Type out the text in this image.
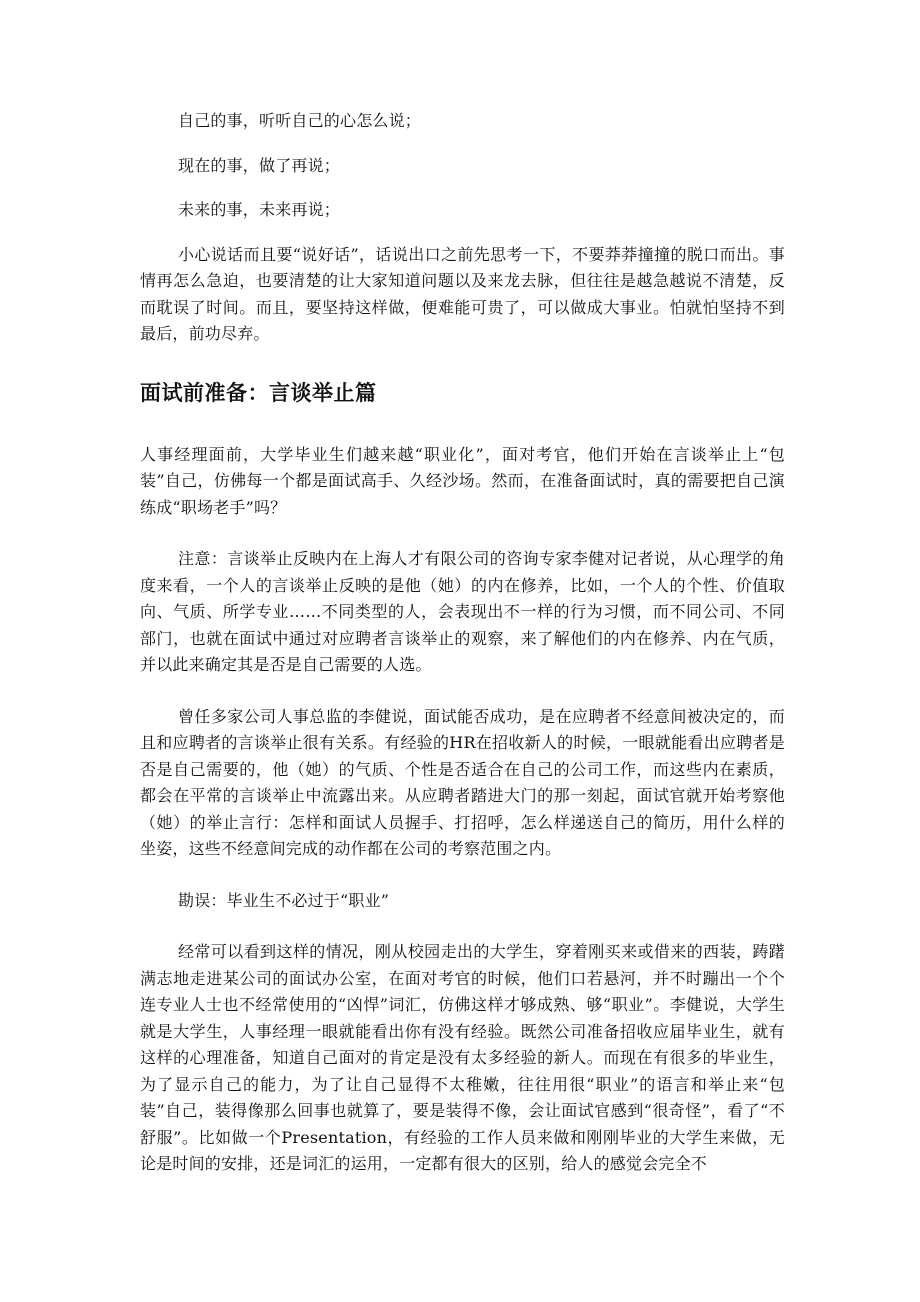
自己的事，听听自己的心怎么说；

现在的事，做了再说；

未来的事，未来再说；

小心说话而且要“说好话”，话说出口之前先思考一下，不要莽莽撞撞的脱口而出。事情再怎么急迫，也要清楚的让大家知道问题以及来龙去脉，但往往是越急越说不清楚，反而耽误了时间。而且，要坚持这样做，便难能可贵了，可以做成大事业。怕就怕坚持不到最后，前功尽弃。

面试前准备：言谈举止篇

人事经理面前，大学毕业生们越来越“职业化”，面对考官，他们开始在言谈举止上“包装”自己，仿佛每一个都是面试高手、久经沙场。然而，在准备面试时，真的需要把自己演练成“职场老手”吗？

注意：言谈举止反映内在上海人才有限公司的咨询专家李健对记者说，从心理学的角度来看，一个人的言谈举止反映的是他（她）的内在修养，比如，一个人的个性、价值取向、气质、所学专业……不同类型的人，会表现出不一样的行为习惯，而不同公司、不同部门，也就在面试中通过对应聘者言谈举止的观察，来了解他们的内在修养、内在气质，并以此来确定其是否是自己需要的人选。

曾任多家公司人事总监的李健说，面试能否成功，是在应聘者不经意间被决定的，而且和应聘者的言谈举止很有关系。有经验的HR在招收新人的时候，一眼就能看出应聘者是否是自己需要的，他（她）的气质、个性是否适合在自己的公司工作，而这些内在素质，都会在平常的言谈举止中流露出来。从应聘者踏进大门的那一刻起，面试官就开始考察他（她）的举止言行：怎样和面试人员握手、打招呼，怎么样递送自己的简历，用什么样的坐姿，这些不经意间完成的动作都在公司的考察范围之内。

勘误：毕业生不必过于“职业”

经常可以看到这样的情况，刚从校园走出的大学生，穿着刚买来或借来的西装，踌躇满志地走进某公司的面试办公室，在面对考官的时候，他们口若悬河，并不时蹦出一个个连专业人士也不经常使用的“凶悍”词汇，仿佛这样才够成熟、够“职业”。李健说，大学生就是大学生，人事经理一眼就能看出你有没有经验。既然公司准备招收应届毕业生，就有这样的心理准备，知道自己面对的肯定是没有太多经验的新人。而现在有很多的毕业生，为了显示自己的能力，为了让自己显得不太稚嫩，往往用很“职业”的语言和举止来“包装”自己，装得像那么回事也就算了，要是装得不像，会让面试官感到“很奇怪”，看了“不舒服”。比如做一个Presentation，有经验的工作人员来做和刚刚毕业的大学生来做，无论是时间的安排，还是词汇的运用，一定都有很大的区别，给人的感觉会完全不
